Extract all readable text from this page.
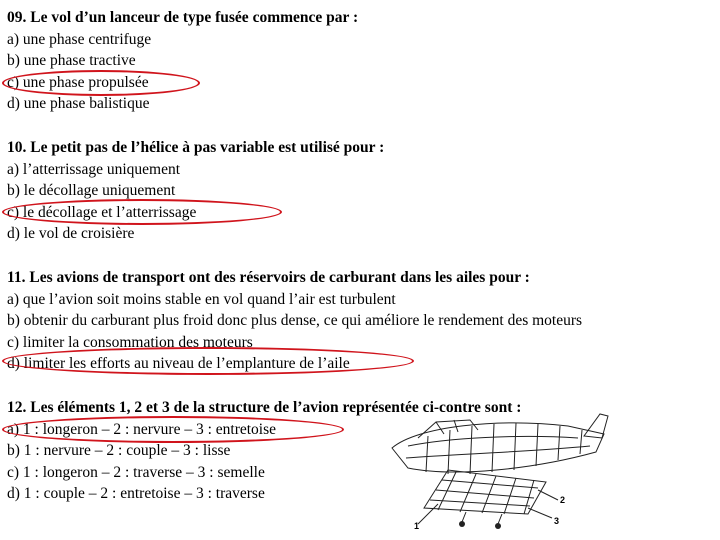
09. Le vol d’un lanceur de type fusée commence par :
a) une phase centrifuge
b) une phase tractive
c) une phase propulsée
d) une phase balistique
10. Le petit pas de l’hélice à pas variable est utilisé pour :
a) l’atterrissage uniquement
b) le décollage uniquement
c) le décollage et l’atterrissage
d) le vol de croisière
11. Les avions de transport ont des réservoirs de carburant dans les ailes pour :
a) que l’avion soit moins stable en vol quand l’air est turbulent
b) obtenir du carburant plus froid donc plus dense, ce qui améliore le rendement des moteurs
c) limiter la consommation des moteurs
d) limiter les efforts au niveau de l’emplanture de l’aile
12. Les éléments 1, 2 et 3 de la structure de l’avion représentée ci-contre sont :
a) 1 : longeron – 2 : nervure – 3 : entretoise
b) 1 : nervure – 2 : couple – 3 : lisse
c) 1 : longeron – 2 : traverse – 3 : semelle
d) 1 : couple – 2 : entretoise – 3 : traverse
1
2
3
